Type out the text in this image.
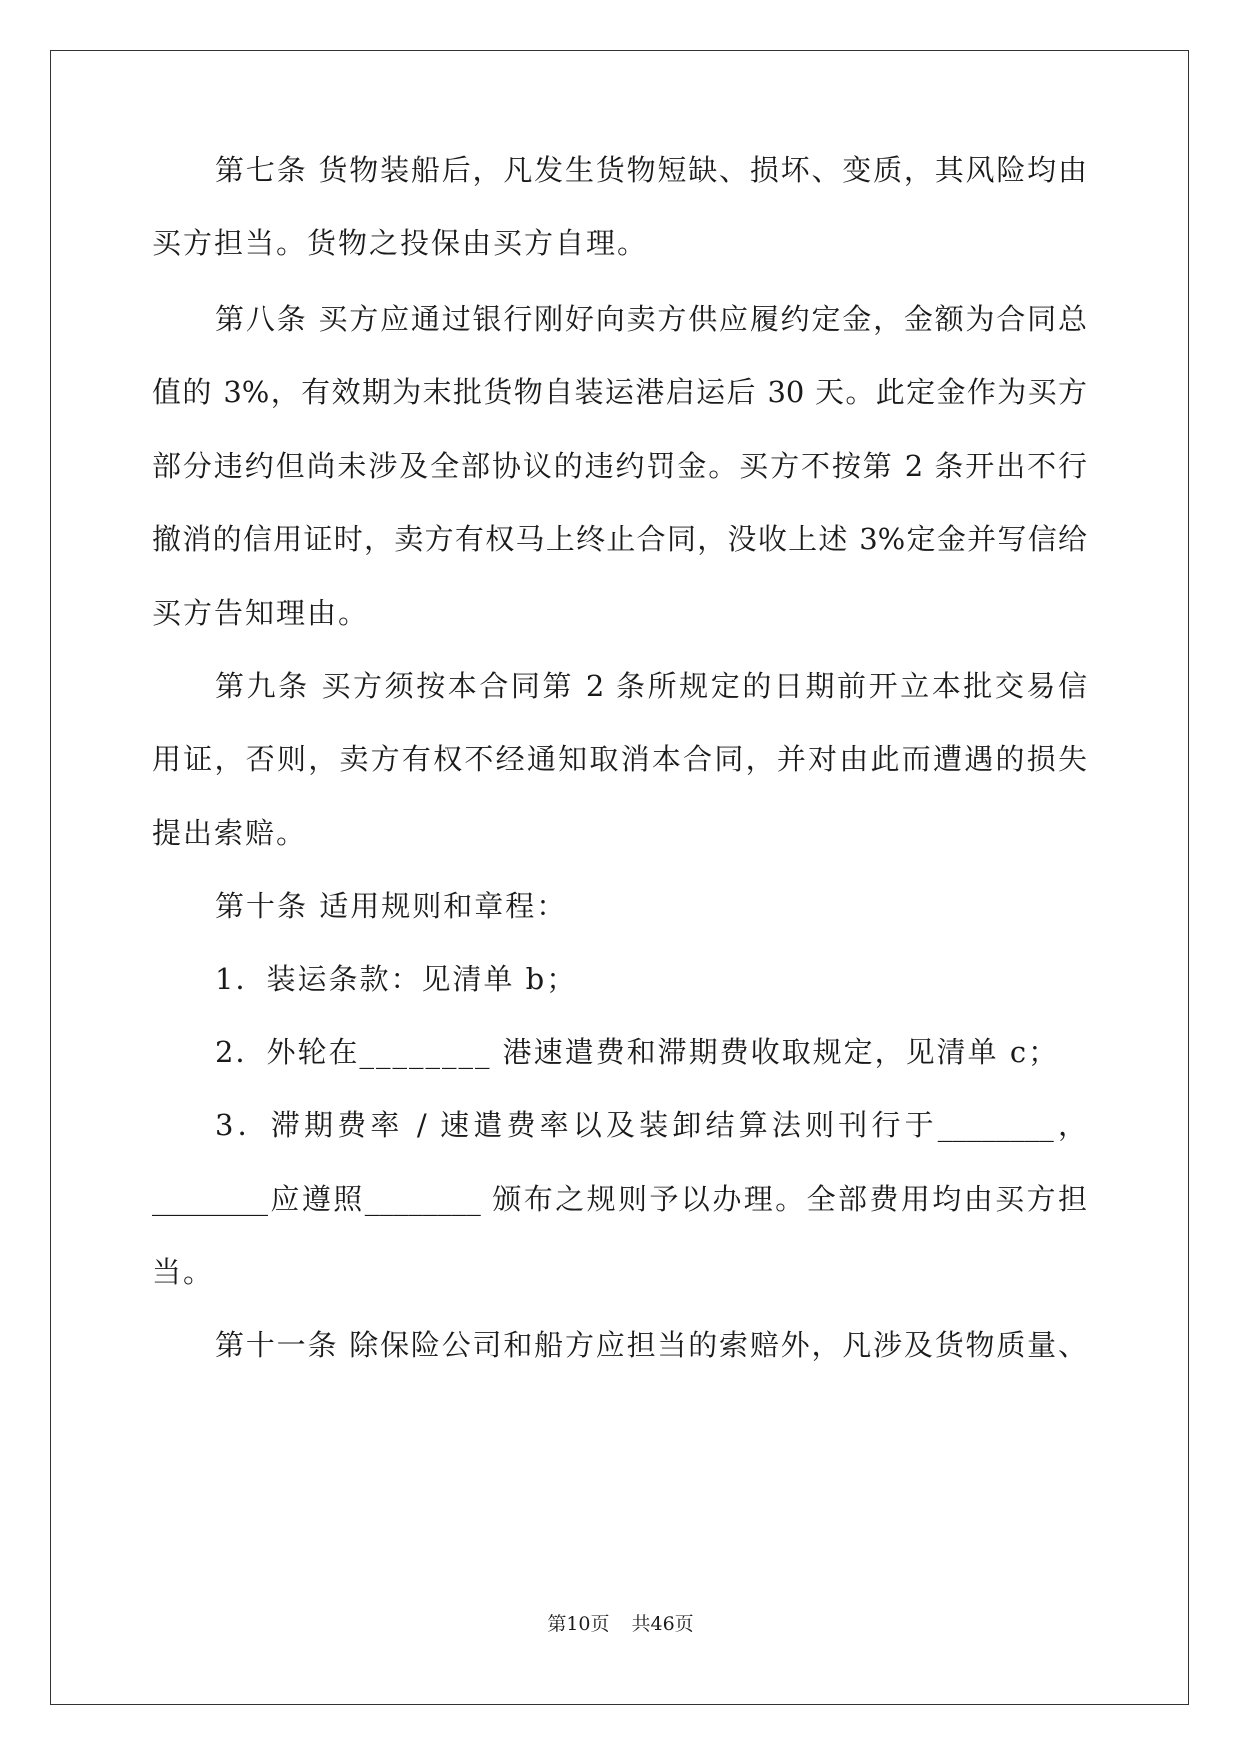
第七条 货物装船后，凡发生货物短缺、损坏、变质，其风险均由
买方担当。货物之投保由买方自理。
第八条 买方应通过银行刚好向卖方供应履约定金，金额为合同总
值的 3%，有效期为末批货物自装运港启运后 30 天。此定金作为买方
部分违约但尚未涉及全部协议的违约罚金。买方不按第 2 条开出不行
撤消的信用证时，卖方有权马上终止合同，没收上述 3%定金并写信给
买方告知理由。
第九条 买方须按本合同第 2 条所规定的日期前开立本批交易信
用证，否则，卖方有权不经通知取消本合同，并对由此而遭遇的损失
提出索赔。
第十条 适用规则和章程：
1．装运条款：见清单 b；
2．外轮在________ 港速遣费和滞期费收取规定，见清单 c；
3．滞期费率 / 速遣费率以及装卸结算法则刊行于________，
________应遵照________ 颁布之规则予以办理。全部费用均由买方担
当。
第十一条 除保险公司和船方应担当的索赔外，凡涉及货物质量、
第10页 共46页
